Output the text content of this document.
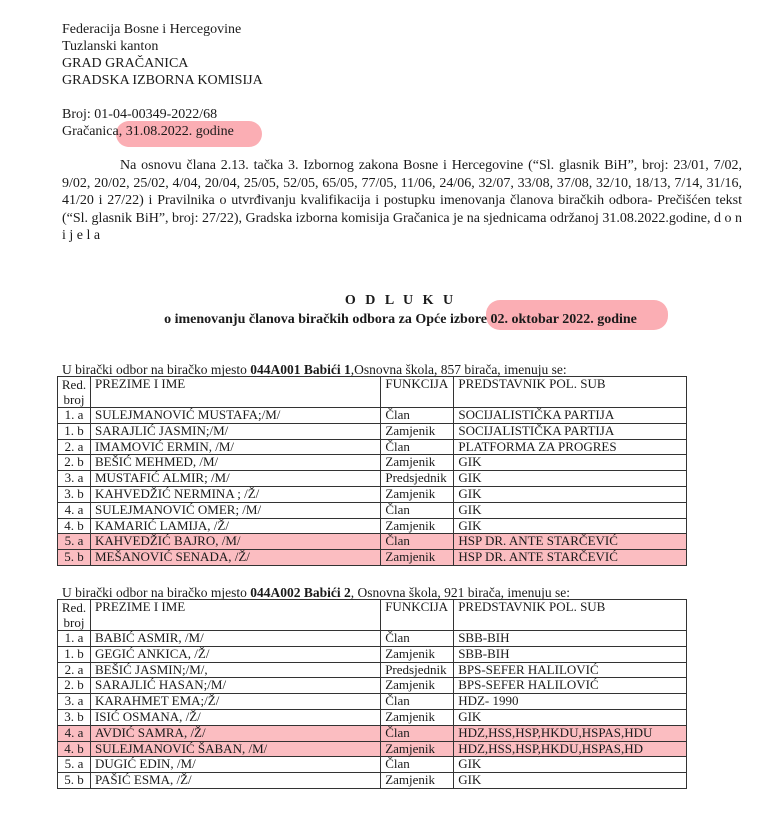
Federacija Bosne i Hercegovine
Tuzlanski kanton
GRAD GRAČANICA
GRADSKA IZBORNA KOMISIJA
Broj: 01-04-00349-2022/68
Gračanica, 31.08.2022. godine
Na osnovu člana 2.13. tačka 3. Izbornog zakona Bosne i Hercegovine (“Sl. glasnik BiH”, broj: 23/01, 7/02, 9/02, 20/02, 25/02, 4/04, 20/04, 25/05, 52/05, 65/05, 77/05, 11/06, 24/06, 32/07, 33/08, 37/08, 32/10, 18/13, 7/14, 31/16, 41/20 i 27/22) i Pravilnika o utvrđivanju kvalifikacija i postupku imenovanja članova biračkih odbora- Prečišćen tekst (“Sl. glasnik BiH”, broj: 27/22), Gradska izborna komisija Gračanica je na sjednicama održanoj 31.08.2022.godine, d o n i j e l a
O D L U K U
o imenovanju članova biračkih odbora za Opće izbore 02. oktobar 2022. godine
U birački odbor na biračko mjesto 044A001 Babići 1,Osnovna škola, 857 birača, imenuju se:
Red. broj	PREZIME I IME	FUNKCIJA	PREDSTAVNIK POL. SUB
1. a	SULEJMANOVIĆ MUSTAFA;/M/	Član	SOCIJALISTIČKA PARTIJA
1. b	SARAJLIĆ JASMIN;/M/	Zamjenik	SOCIJALISTIČKA PARTIJA
2. a	IMAMOVIĆ ERMIN, /M/	Član	PLATFORMA ZA PROGRES
2. b	BEŠIĆ MEHMED, /M/	Zamjenik	GIK
3. a	MUSTAFIĆ ALMIR; /M/	Predsjednik	GIK
3. b	KAHVEDŽIĆ NERMINA ; /Ž/	Zamjenik	GIK
4. a	SULEJMANOVIĆ OMER; /M/	Član	GIK
4. b	KAMARIĆ LAMIJA, /Ž/	Zamjenik	GIK
5. a	KAHVEDŽIĆ BAJRO, /M/	Član	HSP DR. ANTE STARČEVIĆ
5. b	MEŠANOVIĆ SENADA, /Ž/	Zamjenik	HSP DR. ANTE STARČEVIĆ
U birački odbor na biračko mjesto 044A002 Babići 2, Osnovna škola, 921 birača, imenuju se:
Red. broj	PREZIME I IME	FUNKCIJA	PREDSTAVNIK POL. SUB
1. a	BABIĆ ASMIR, /M/	Član	SBB-BIH
1. b	GEGIĆ ANKICA, /Ž/	Zamjenik	SBB-BIH
2. a	BEŠIĆ JASMIN;/M/,	Predsjednik	BPS-SEFER HALILOVIĆ
2. b	SARAJLIĆ HASAN;/M/	Zamjenik	BPS-SEFER HALILOVIĆ
3. a	KARAHMET EMA;/Ž/	Član	HDZ- 1990
3. b	ISIĆ OSMANA, /Ž/	Zamjenik	GIK
4. a	AVDIĆ SAMRA, /Ž/	Član	HDZ,HSS,HSP,HKDU,HSPAS,HDU
4. b	SULEJMANOVIĆ ŠABAN, /M/	Zamjenik	HDZ,HSS,HSP,HKDU,HSPAS,HD
5. a	DUGIĆ EDIN, /M/	Član	GIK
5. b	PAŠIĆ ESMA, /Ž/	Zamjenik	GIK
